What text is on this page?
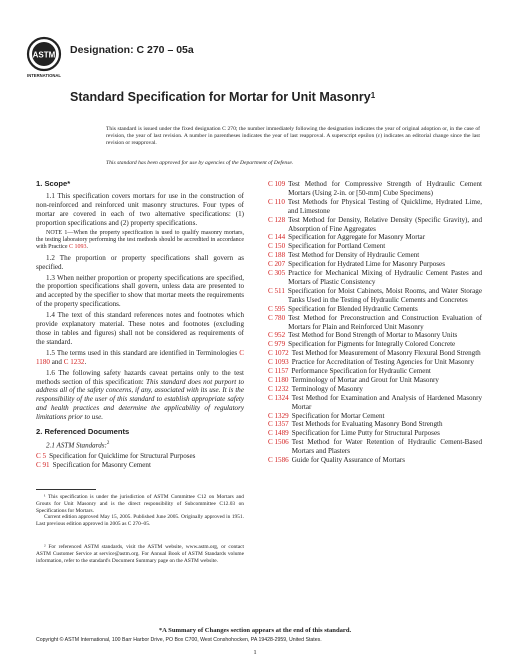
ASTM
INTERNATIONAL
Designation: C 270 – 05a
Standard Specification for Mortar for Unit Masonry$^1$
This standard is issued under the fixed designation C 270; the number immediately following the designation indicates the year of original adoption or, in the case of revision, the year of last revision. A number in parentheses indicates the year of last reapproval. A superscript epsilon (ε) indicates an editorial change since the last revision or reapproval.
This standard has been approved for use by agencies of the Department of Defense.
1. Scope*
1.1 This specification covers mortars for use in the construction of non-reinforced and reinforced unit masonry structures. Four types of mortar are covered in each of two alternative specifications: (1) proportion specifications and (2) property specifications.
NOTE 1—When the property specification is used to qualify masonry mortars, the testing laboratory performing the test methods should be accredited in accordance with Practice C 1093.
1.2 The proportion or property specifications shall govern as specified.
1.3 When neither proportion or property specifications are specified, the proportion specifications shall govern, unless data are presented to and accepted by the specifier to show that mortar meets the requirements of the property specifications.
1.4 The text of this standard references notes and footnotes which provide explanatory material. These notes and footnotes (excluding those in tables and figures) shall not be considered as requirements of the standard.
1.5 The terms used in this standard are identified in Terminologies C 1180 and C 1232.
1.6 The following safety hazards caveat pertains only to the test methods section of this specification: This standard does not purport to address all of the safety concerns, if any, associated with its use. It is the responsibility of the user of this standard to establish appropriate safety and health practices and determine the applicability of regulatory limitations prior to use.
2. Referenced Documents
2.1 ASTM Standards:$^2$
C 5 Specification for Quicklime for Structural Purposes
C 91 Specification for Masonry Cement
C 109 Test Method for Compressive Strength of Hydraulic Cement Mortars (Using 2-in. or [50-mm] Cube Specimens)
C 110 Test Methods for Physical Testing of Quicklime, Hydrated Lime, and Limestone
C 128 Test Method for Density, Relative Density (Specific Gravity), and Absorption of Fine Aggregates
C 144 Specification for Aggregate for Masonry Mortar
C 150 Specification for Portland Cement
C 188 Test Method for Density of Hydraulic Cement
C 207 Specification for Hydrated Lime for Masonry Purposes
C 305 Practice for Mechanical Mixing of Hydraulic Cement Pastes and Mortars of Plastic Consistency
C 511 Specification for Moist Cabinets, Moist Rooms, and Water Storage Tanks Used in the Testing of Hydraulic Cements and Concretes
C 595 Specification for Blended Hydraulic Cements
C 780 Test Method for Preconstruction and Construction Evaluation of Mortars for Plain and Reinforced Unit Masonry
C 952 Test Method for Bond Strength of Mortar to Masonry Units
C 979 Specification for Pigments for Integrally Colored Concrete
C 1072 Test Method for Measurement of Masonry Flexural Bond Strength
C 1093 Practice for Accreditation of Testing Agencies for Unit Masonry
C 1157 Performance Specification for Hydraulic Cement
C 1180 Terminology of Mortar and Grout for Unit Masonry
C 1232 Terminology of Masonry
C 1324 Test Method for Examination and Analysis of Hardened Masonry Mortar
C 1329 Specification for Mortar Cement
C 1357 Test Methods for Evaluating Masonry Bond Strength
C 1489 Specification for Lime Putty for Structural Purposes
C 1506 Test Method for Water Retention of Hydraulic Cement-Based Mortars and Plasters
C 1586 Guide for Quality Assurance of Mortars
¹ This specification is under the jurisdiction of ASTM Committee C12 on Mortars and Grouts for Unit Masonry and is the direct responsibility of Subcommittee C12.03 on Specifications for Mortars.
Current edition approved May 15, 2005. Published June 2005. Originally approved in 1951. Last previous edition approved in 2005 as C 270–05.
² For referenced ASTM standards, visit the ASTM website, www.astm.org, or contact ASTM Customer Service at service@astm.org. For Annual Book of ASTM Standards volume information, refer to the standard's Document Summary page on the ASTM website.
*A Summary of Changes section appears at the end of this standard.
Copyright © ASTM International, 100 Barr Harbor Drive, PO Box C700, West Conshohocken, PA 19428-2959, United States.
1
